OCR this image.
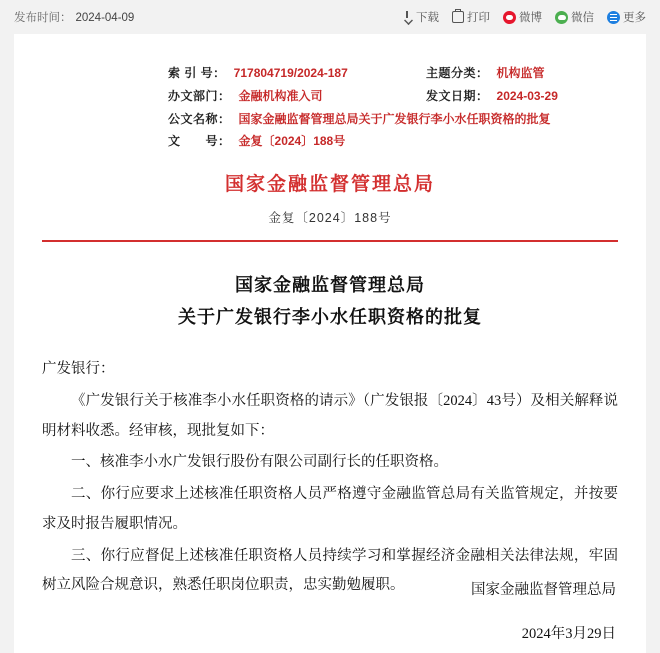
发布时间： 2024-04-09	下载 打印	微博	微信	更多
索 引 号： 717804719/2024-187	主题分类： 机构监管
办文部门： 金融机构准入司	发文日期： 2024-03-29
公文名称： 国家金融监督管理总局关于广发银行李小水任职资格的批复
文　　号： 金复〔2024〕188号
国家金融监督管理总局
金复〔2024〕188号
国家金融监督管理总局
关于广发银行李小水任职资格的批复

广发银行：

《广发银行关于核准李小水任职资格的请示》（广发银报〔2024〕43号）及相关解释说明材料收悉。经审核，现批复如下：

一、核准李小水广发银行股份有限公司副行长的任职资格。

二、你行应要求上述核准任职资格人员严格遵守金融监管总局有关监管规定，并按要求及时报告履职情况。

三、你行应督促上述核准任职资格人员持续学习和掌握经济金融相关法律法规，牢固树立风险合规意识，熟悉任职岗位职责，忠实勤勉履职。	国家金融监督管理总局
2024年3月29日
